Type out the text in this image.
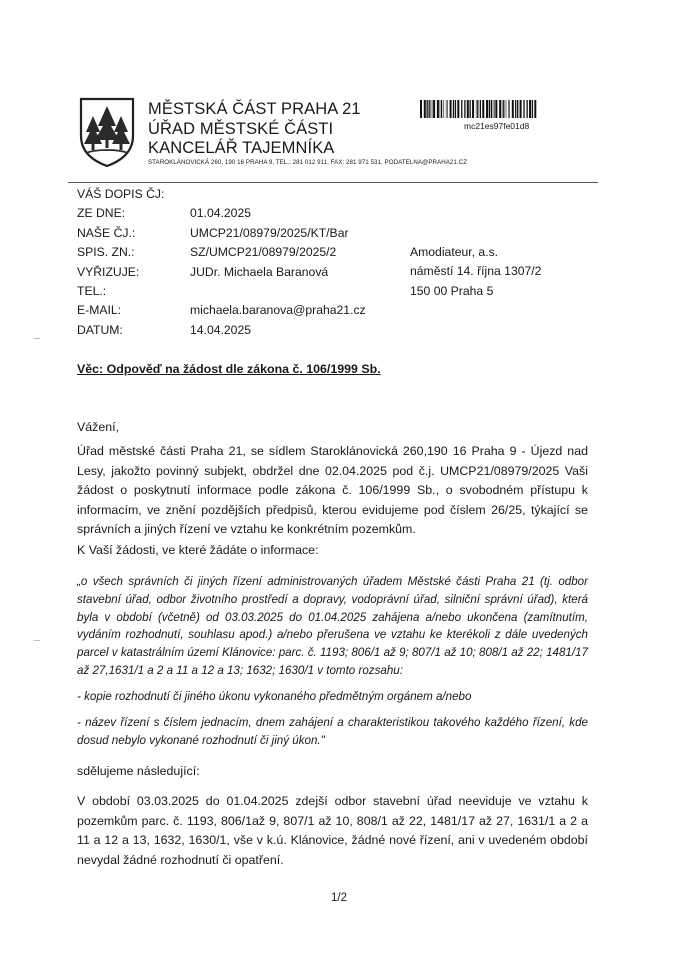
MĚSTSKÁ ČÁST PRAHA 21
ÚŘAD MĚSTSKÉ ČÁSTI
KANCELÁŘ TAJEMNÍKA
STAROKLÁNOVICKÁ 260, 190 16 PRAHA 9, TEL.: 281 012 911, FAX: 281 971 531, PODATELNA@PRAHA21.CZ
mc21es97fe01d8
VÁŠ DOPIS ČJ:
ZE DNE:	01.04.2025
NAŠE ČJ.:	UMCP21/08979/2025/KT/Bar
SPIS. ZN.:	SZ/UMCP21/08979/2025/2
VYŘIZUJE:	JUDr. Michaela Baranová
TEL.:
E-MAIL:	michaela.baranova@praha21.cz
DATUM:	14.04.2025
Amodiateur, a.s.
náměstí 14. října 1307/2
150 00 Praha 5
Věc: Odpověď na žádost dle zákona č. 106/1999 Sb.
Vážení,
Úřad městské části Praha 21, se sídlem Staroklánovická 260,190 16 Praha 9 - Újezd nad Lesy, jakožto povinný subjekt, obdržel dne 02.04.2025 pod č.j. UMCP21/08979/2025 Vaši žádost o poskytnutí informace podle zákona č. 106/1999 Sb., o svobodném přístupu k informacím, ve znění pozdějších předpisů, kterou evidujeme pod číslem 26/25, týkající se správních a jiných řízení ve vztahu ke konkrétním pozemkům.
K Vaší žádosti, ve které žádáte o informace:
„o všech správních či jiných řízení administrovaných úřadem Městské části Praha 21 (tj. odbor stavební úřad, odbor životního prostředí a dopravy, vodoprávní úřad, silniční správní úřad), která byla v období (včetně) od 03.03.2025 do 01.04.2025 zahájena a/nebo ukončena (zamítnutím, vydáním rozhodnutí, souhlasu apod.) a/nebo přerušena ve vztahu ke kterékoli z dále uvedených parcel v katastrálním území Klánovice: parc. č. 1193; 806/1 až 9; 807/1 až 10; 808/1 až 22; 1481/17 až 27,1631/1 a 2 a 11 a 12 a 13; 1632; 1630/1 v tomto rozsahu:
- kopie rozhodnutí či jiného úkonu vykonaného předmětným orgánem a/nebo
- název řízení s číslem jednacím, dnem zahájení a charakteristikou takového každého řízení, kde dosud nebylo vykonané rozhodnutí či jiný úkon."
sdělujeme následující:
V období 03.03.2025 do 01.04.2025 zdejší odbor stavební úřad neeviduje ve vztahu k pozemkům parc. č. 1193, 806/1až 9, 807/1 až 10, 808/1 až 22, 1481/17 až 27, 1631/1 a 2 a 11 a 12 a 13, 1632, 1630/1, vše v k.ú. Klánovice, žádné nové řízení, ani v uvedeném období nevydal žádné rozhodnutí či opatření.
1/2
